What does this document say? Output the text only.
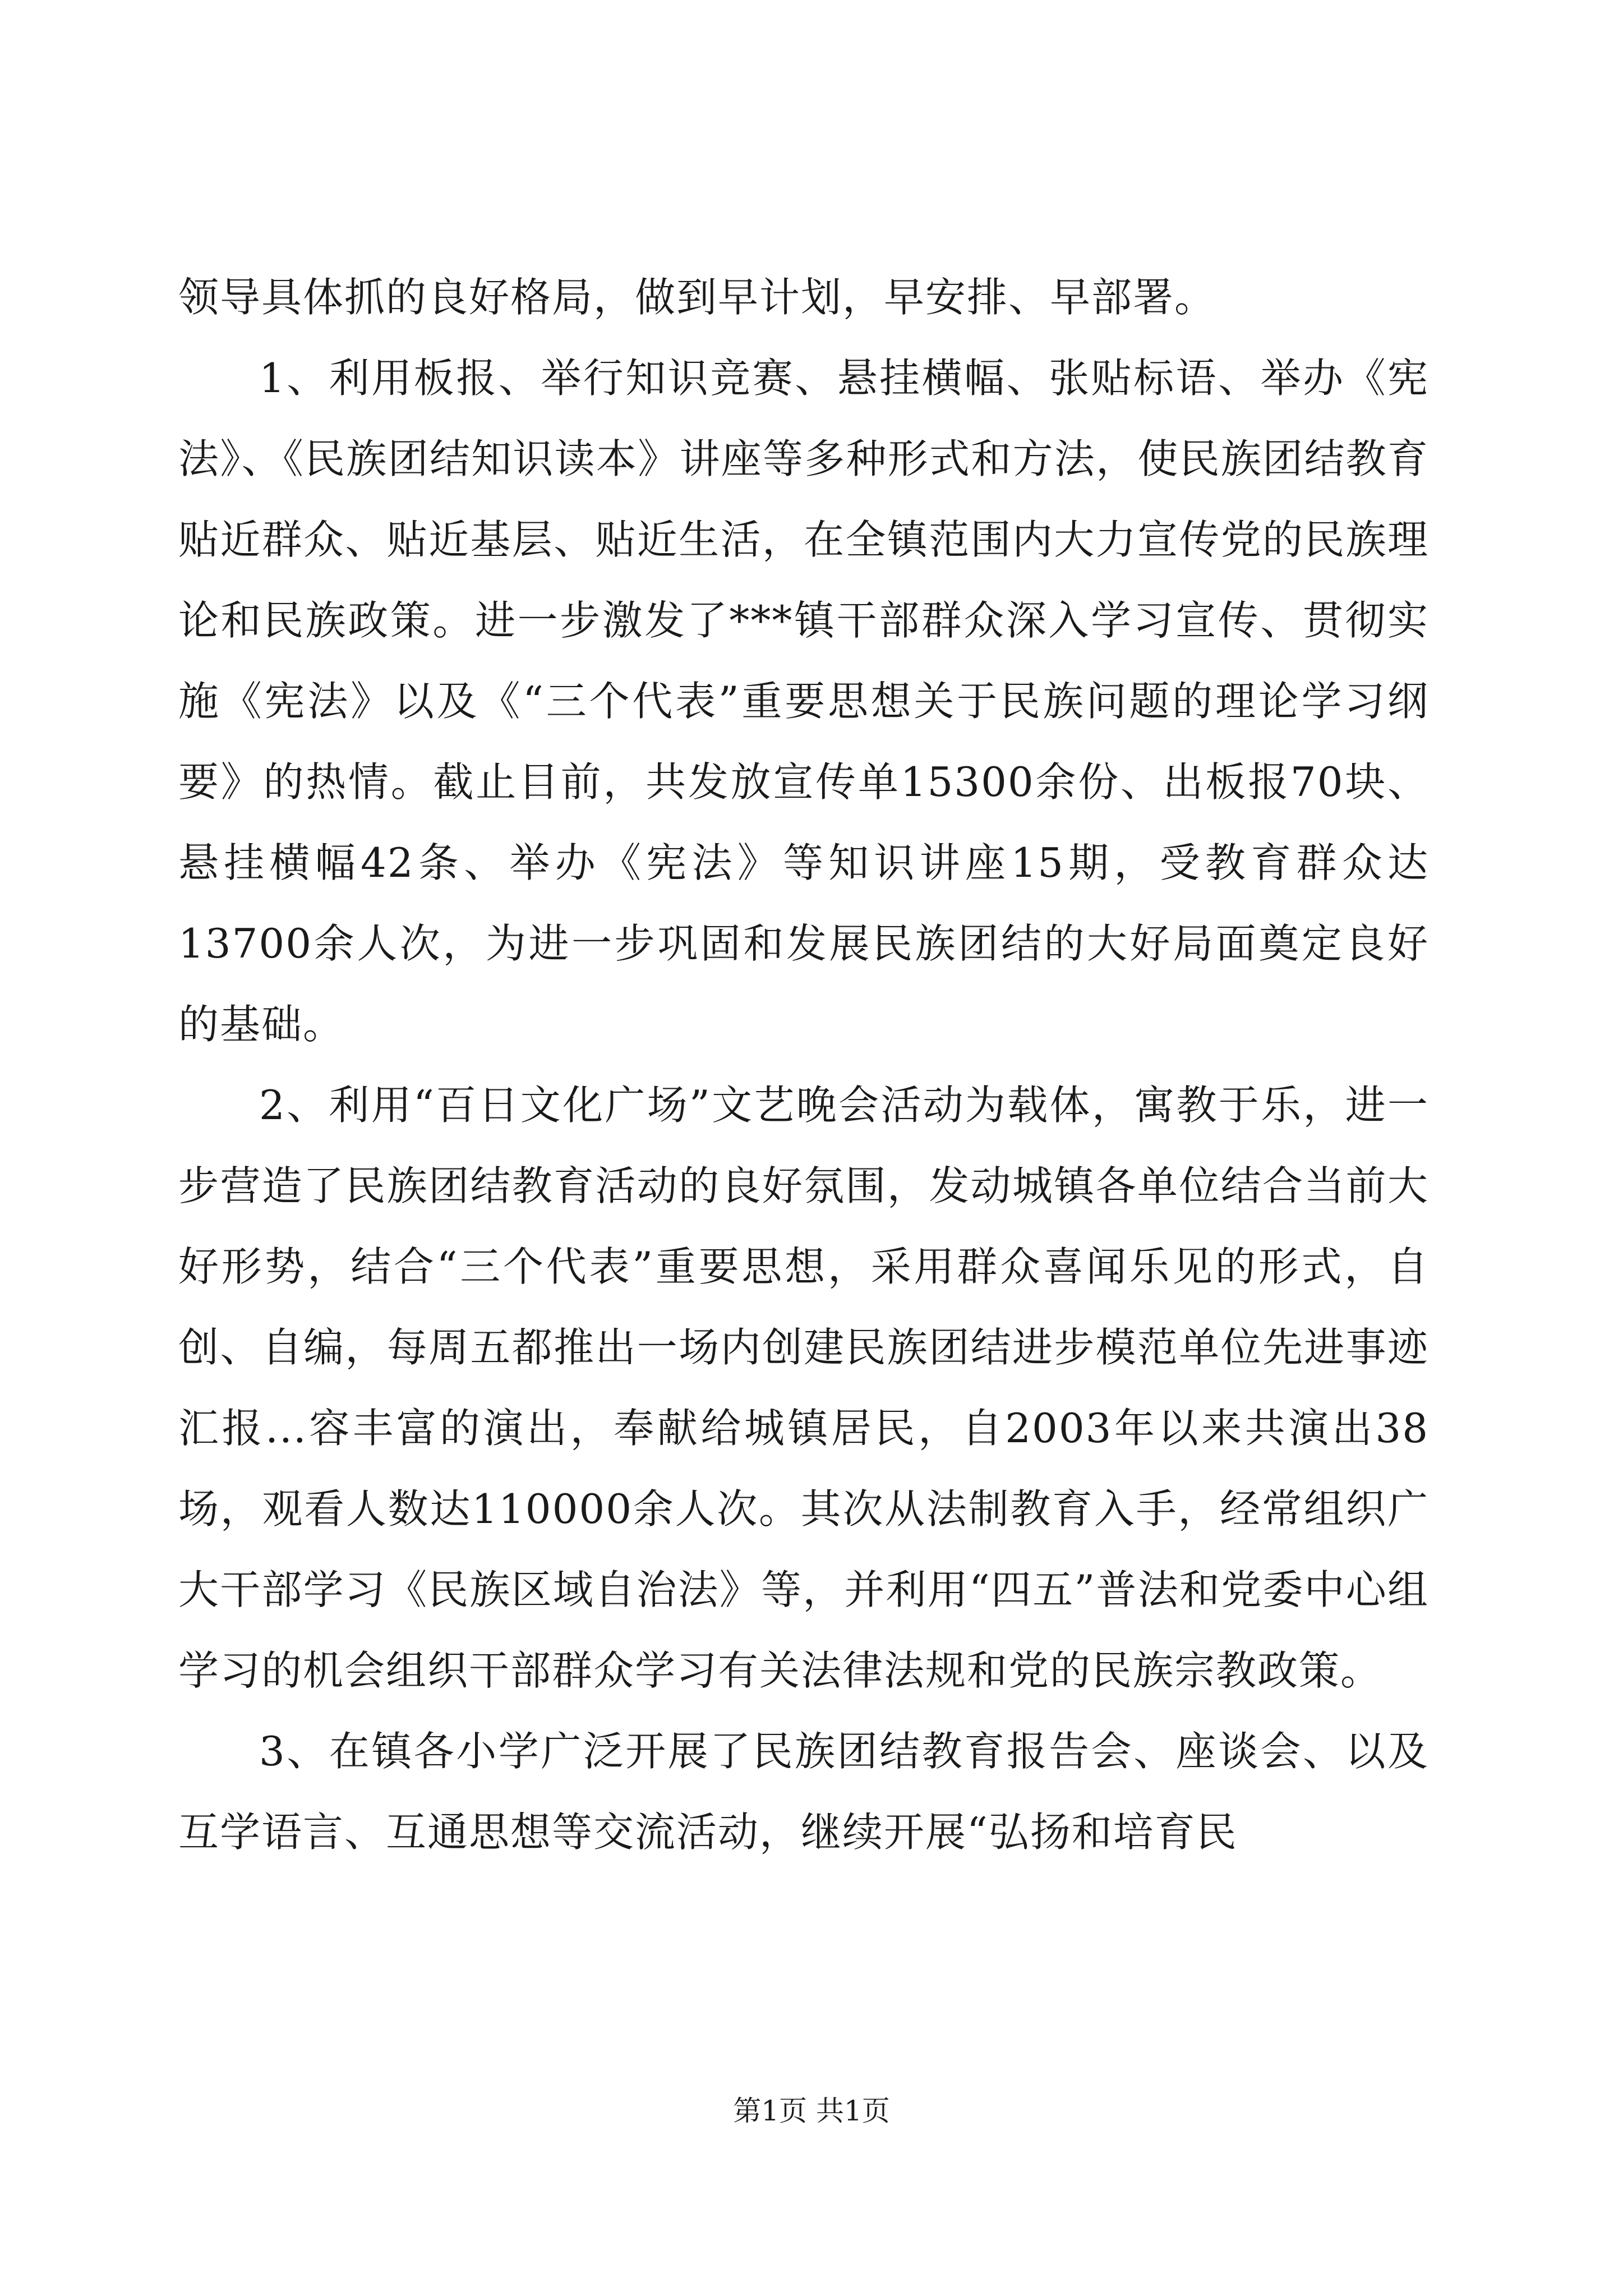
领导具体抓的良好格局，做到早计划，早安排、早部署。

1、利用板报、举行知识竞赛、悬挂横幅、张贴标语、举办《宪法》、《民族团结知识读本》讲座等多种形式和方法，使民族团结教育贴近群众、贴近基层、贴近生活，在全镇范围内大力宣传党的民族理论和民族政策。进一步激发了***镇干部群众深入学习宣传、贯彻实施《宪法》以及《“三个代表”重要思想关于民族问题的理论学习纲要》的热情。截止目前，共发放宣传单15300余份、出板报70块、悬挂横幅42条、举办《宪法》等知识讲座15期，受教育群众达13700余人次，为进一步巩固和发展民族团结的大好局面奠定良好的基础。

2、利用“百日文化广场”文艺晚会活动为载体，寓教于乐，进一步营造了民族团结教育活动的良好氛围，发动城镇各单位结合当前大好形势，结合“三个代表”重要思想，采用群众喜闻乐见的形式，自创、自编，每周五都推出一场内创建民族团结进步模范单位先进事迹汇报...容丰富的演出，奉献给城镇居民，自2003年以来共演出38场，观看人数达110000余人次。其次从法制教育入手，经常组织广大干部学习《民族区域自治法》等，并利用“四五”普法和党委中心组学习的机会组织干部群众学习有关法律法规和党的民族宗教政策。

3、在镇各小学广泛开展了民族团结教育报告会、座谈会、以及互学语言、互通思想等交流活动，继续开展“弘扬和培育民

第1页 共1页
